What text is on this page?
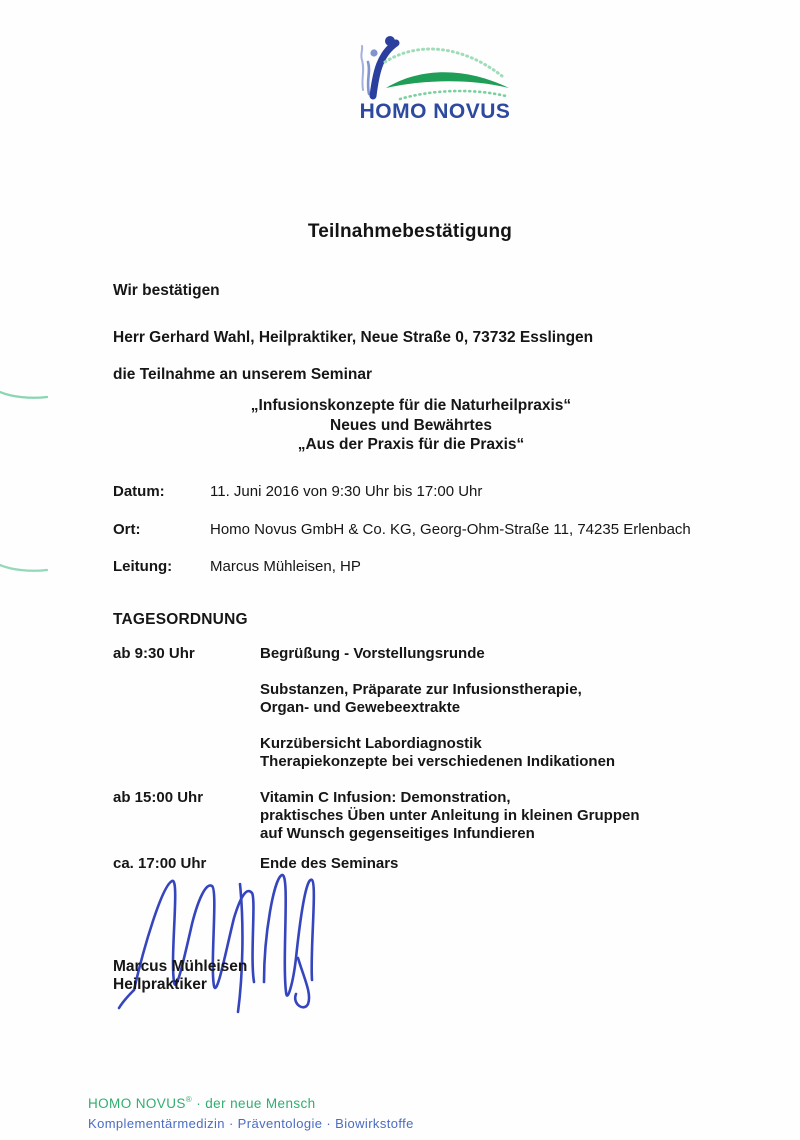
HOMO NOVUS
Teilnahmebestätigung
Wir bestätigen
Herr Gerhard Wahl, Heilpraktiker, Neue Straße 0, 73732 Esslingen
die Teilnahme an unserem Seminar
„Infusionskonzepte für die Naturheilpraxis“
Neues und Bewährtes
„Aus der Praxis für die Praxis“
Datum:	11. Juni 2016 von 9:30 Uhr bis 17:00 Uhr
Ort:	Homo Novus GmbH & Co. KG, Georg-Ohm-Straße 11, 74235 Erlenbach
Leitung:	Marcus Mühleisen, HP
TAGESORDNUNG
ab 9:30 Uhr	Begrüßung - Vorstellungsrunde
Substanzen, Präparate zur Infusionstherapie,
Organ- und Gewebeextrakte
Kurzübersicht Labordiagnostik
Therapiekonzepte bei verschiedenen Indikationen
ab 15:00 Uhr	Vitamin C Infusion: Demonstration,
praktisches Üben unter Anleitung in kleinen Gruppen
auf Wunsch gegenseitiges Infundieren
ca. 17:00 Uhr	Ende des Seminars
Marcus Mühleisen
Heilpraktiker
HOMO NOVUS® · der neue Mensch
Komplementärmedizin · Präventologie · Biowirkstoffe
